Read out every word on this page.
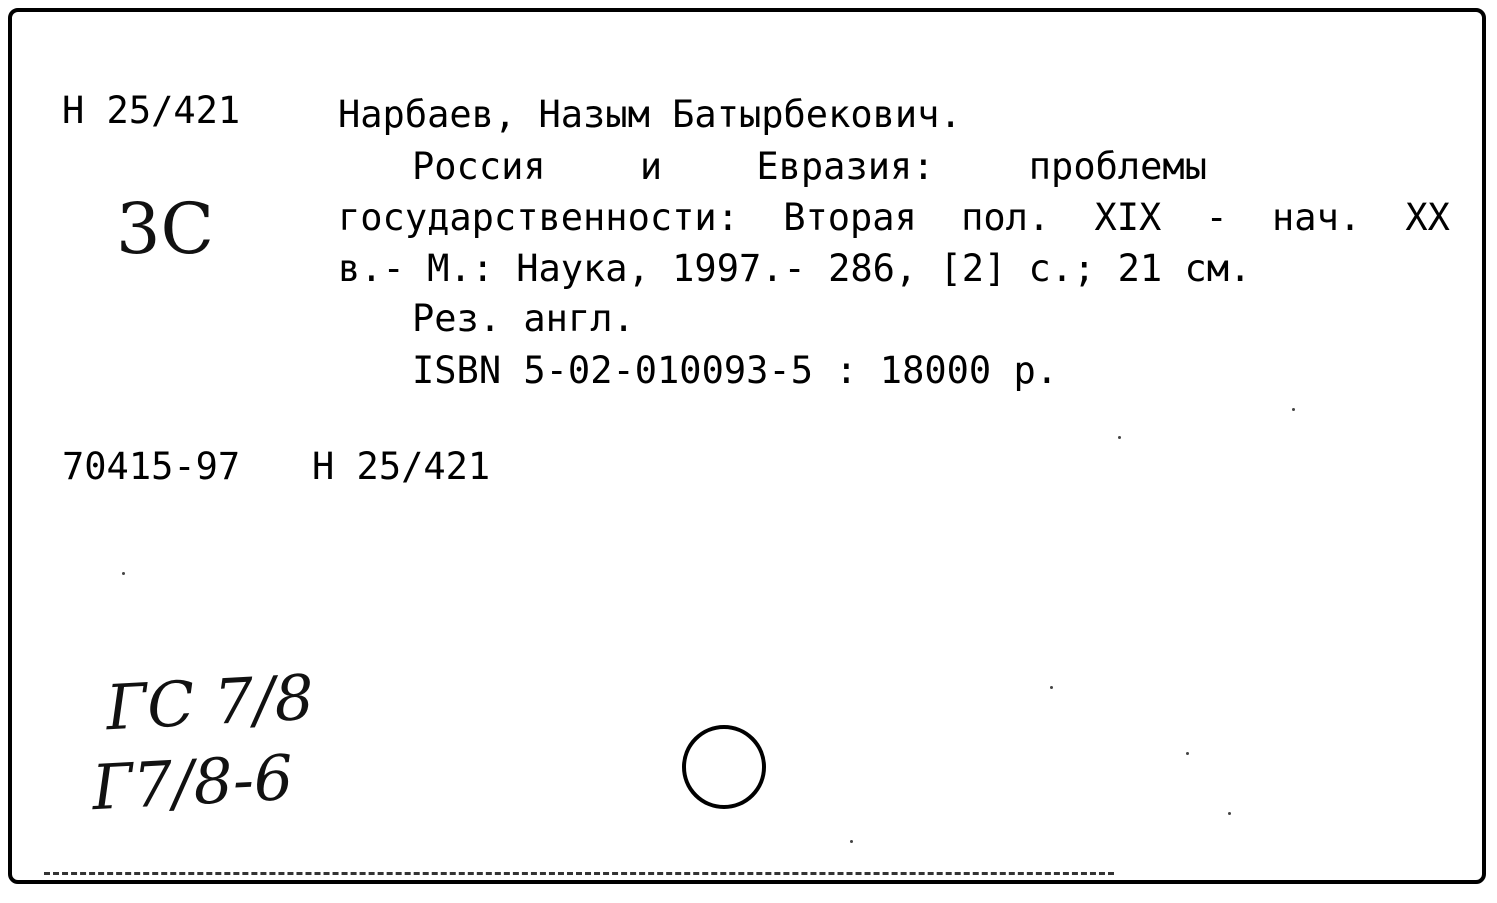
Н 25/421
3С
Нарбаев, Назым Батырбекович.
Россия	и	Евразия:	проблемы
государственности: Вторая пол. XIX - нач. XX
в.- М.: Наука, 1997.- 286, [2] с.; 21 см.
Рез. англ.
ISBN 5-02-010093-5 : 18000 р.
70415-97 Н 25/421
ГС 7/8
Г7/8-6
